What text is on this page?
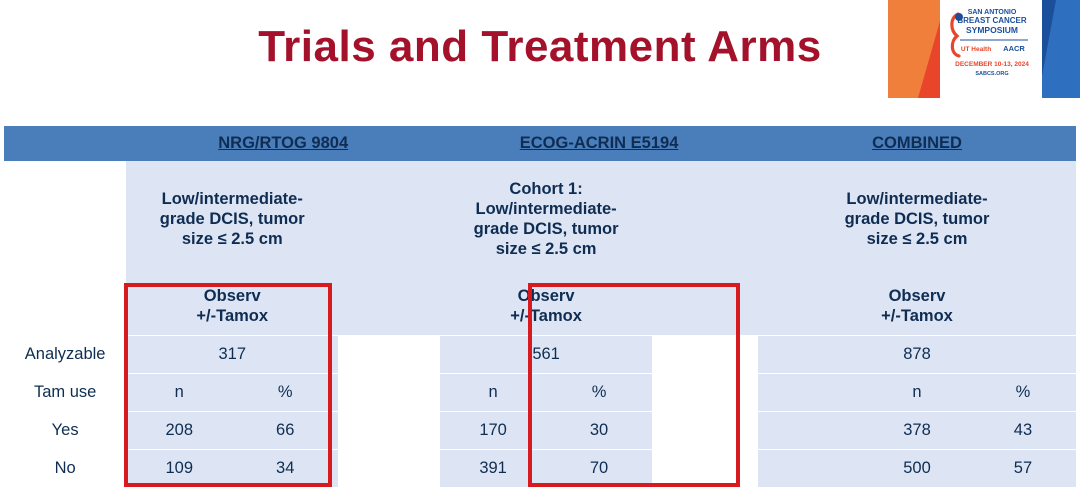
Trials and Treatment Arms
SAN ANTONIO
BREAST CANCER
SYMPOSIUM
UT Health AACR
DECEMBER 10-13, 2024
SABCS.ORG
	NRG/RTOG 9804			ECOG-ACRIN E5194			COMBINED		
	Low/intermediate-
grade DCIS, tumor
size ≤ 2.5 cm			Cohort 1:
Low/intermediate-
grade DCIS, tumor
size ≤ 2.5 cm			Low/intermediate-
grade DCIS, tumor
size ≤ 2.5 cm		
	Observ
+/-Tamox			Observ
+/-Tamox			Observ
+/-Tamox		
Analyzable	317			561			878		
Tam use	n	%		n	%			n	%
Yes	208	66		170	30			378	43
No	109	34		391	70			500	57
